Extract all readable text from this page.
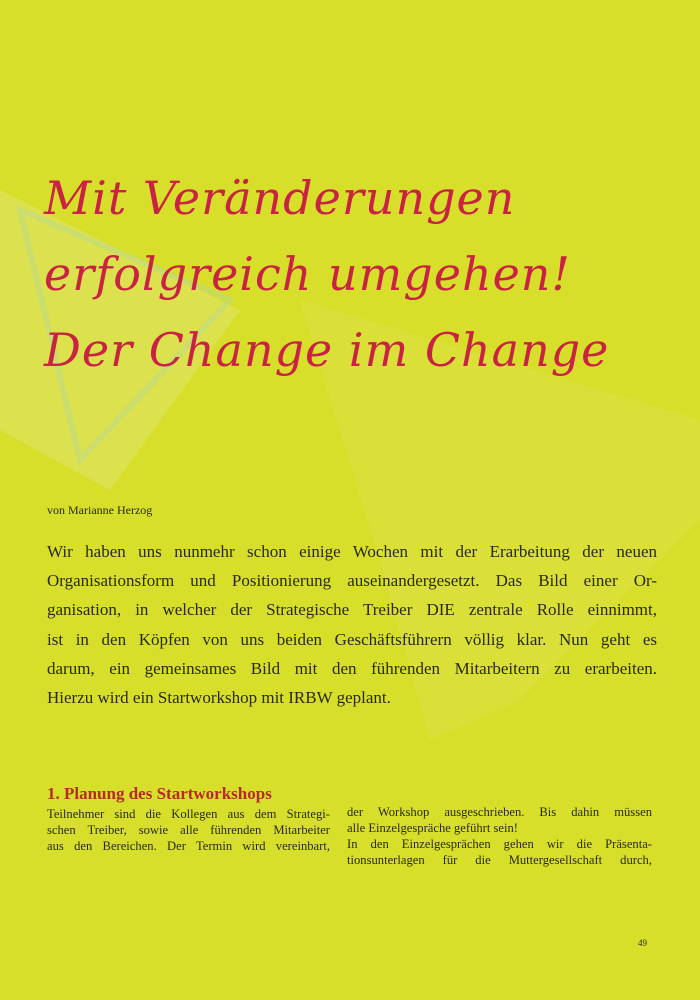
Mit Veränderungen
erfolgreich umgehen!
Der Change im Change
von Marianne Herzog
Wir haben uns nunmehr schon einige Wochen mit der Erarbeitung der neuen
Organisationsform und Positionierung auseinandergesetzt. Das Bild einer Or-
ganisation, in welcher der Strategische Treiber DIE zentrale Rolle einnimmt,
ist in den Köpfen von uns beiden Geschäftsführern völlig klar. Nun geht es
darum, ein gemeinsames Bild mit den führenden Mitarbeitern zu erarbeiten.
Hierzu wird ein Startworkshop mit IRBW geplant.
1. Planung des Startworkshops
Teilnehmer sind die Kollegen aus dem Strategi-
schen Treiber, sowie alle führenden Mitarbeiter
aus den Bereichen. Der Termin wird vereinbart,
der Workshop ausgeschrieben. Bis dahin müssen
alle Einzelgespräche geführt sein!
In den Einzelgesprächen gehen wir die Präsenta-
tionsunterlagen für die Muttergesellschaft durch,
49
